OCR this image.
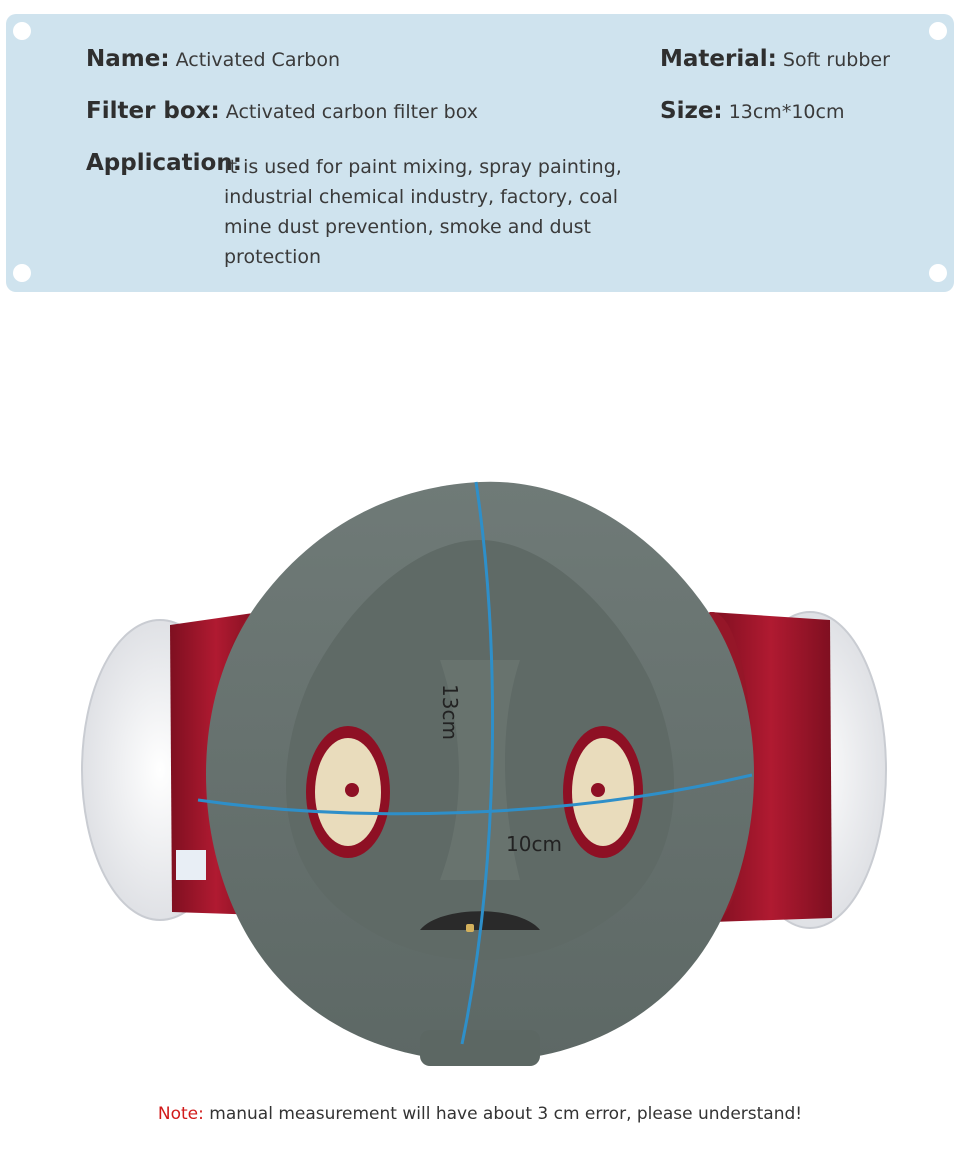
Name: Activated Carbon
Filter box: Activated carbon filter box
Material: Soft rubber
Size: 13cm*10cm
Application:
It is used for paint mixing, spray painting, industrial chemical industry, factory, coal mine dust prevention, smoke and dust protection
10cm
13cm
Note: manual measurement will have about 3 cm error, please understand!
